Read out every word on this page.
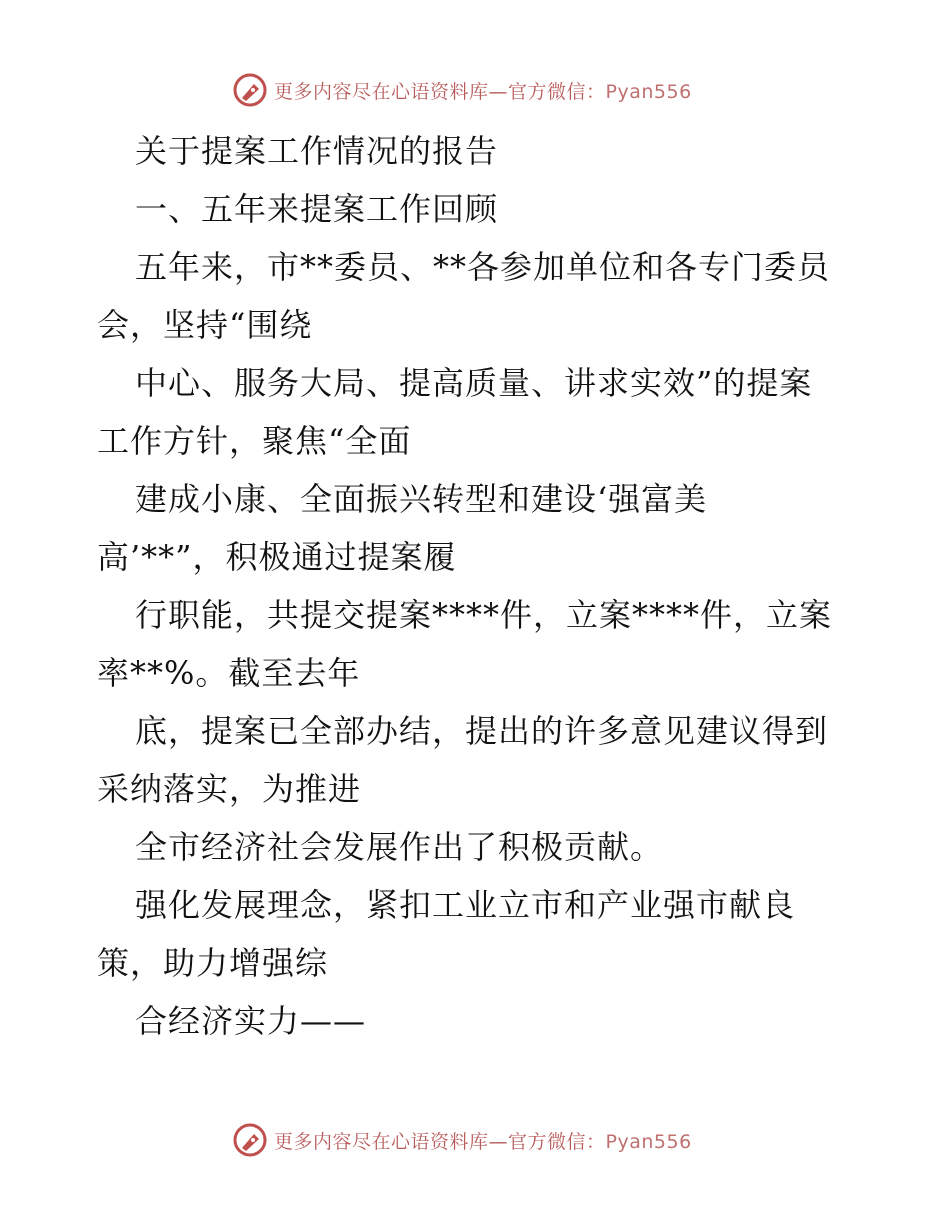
更多内容尽在心语资料库—官方微信：Pyan556
关于提案工作情况的报告
一、五年来提案工作回顾
五年来，市**委员、**各参加单位和各专门委员
会，坚持“围绕
中心、服务大局、提高质量、讲求实效”的提案
工作方针，聚焦“全面
建成小康、全面振兴转型和建设‘强富美
高’**”，积极通过提案履
行职能，共提交提案****件，立案****件，立案
率**%。截至去年
底，提案已全部办结，提出的许多意见建议得到
采纳落实，为推进
全市经济社会发展作出了积极贡献。
强化发展理念，紧扣工业立市和产业强市献良
策，助力增强综
合经济实力——
更多内容尽在心语资料库—官方微信：Pyan556
